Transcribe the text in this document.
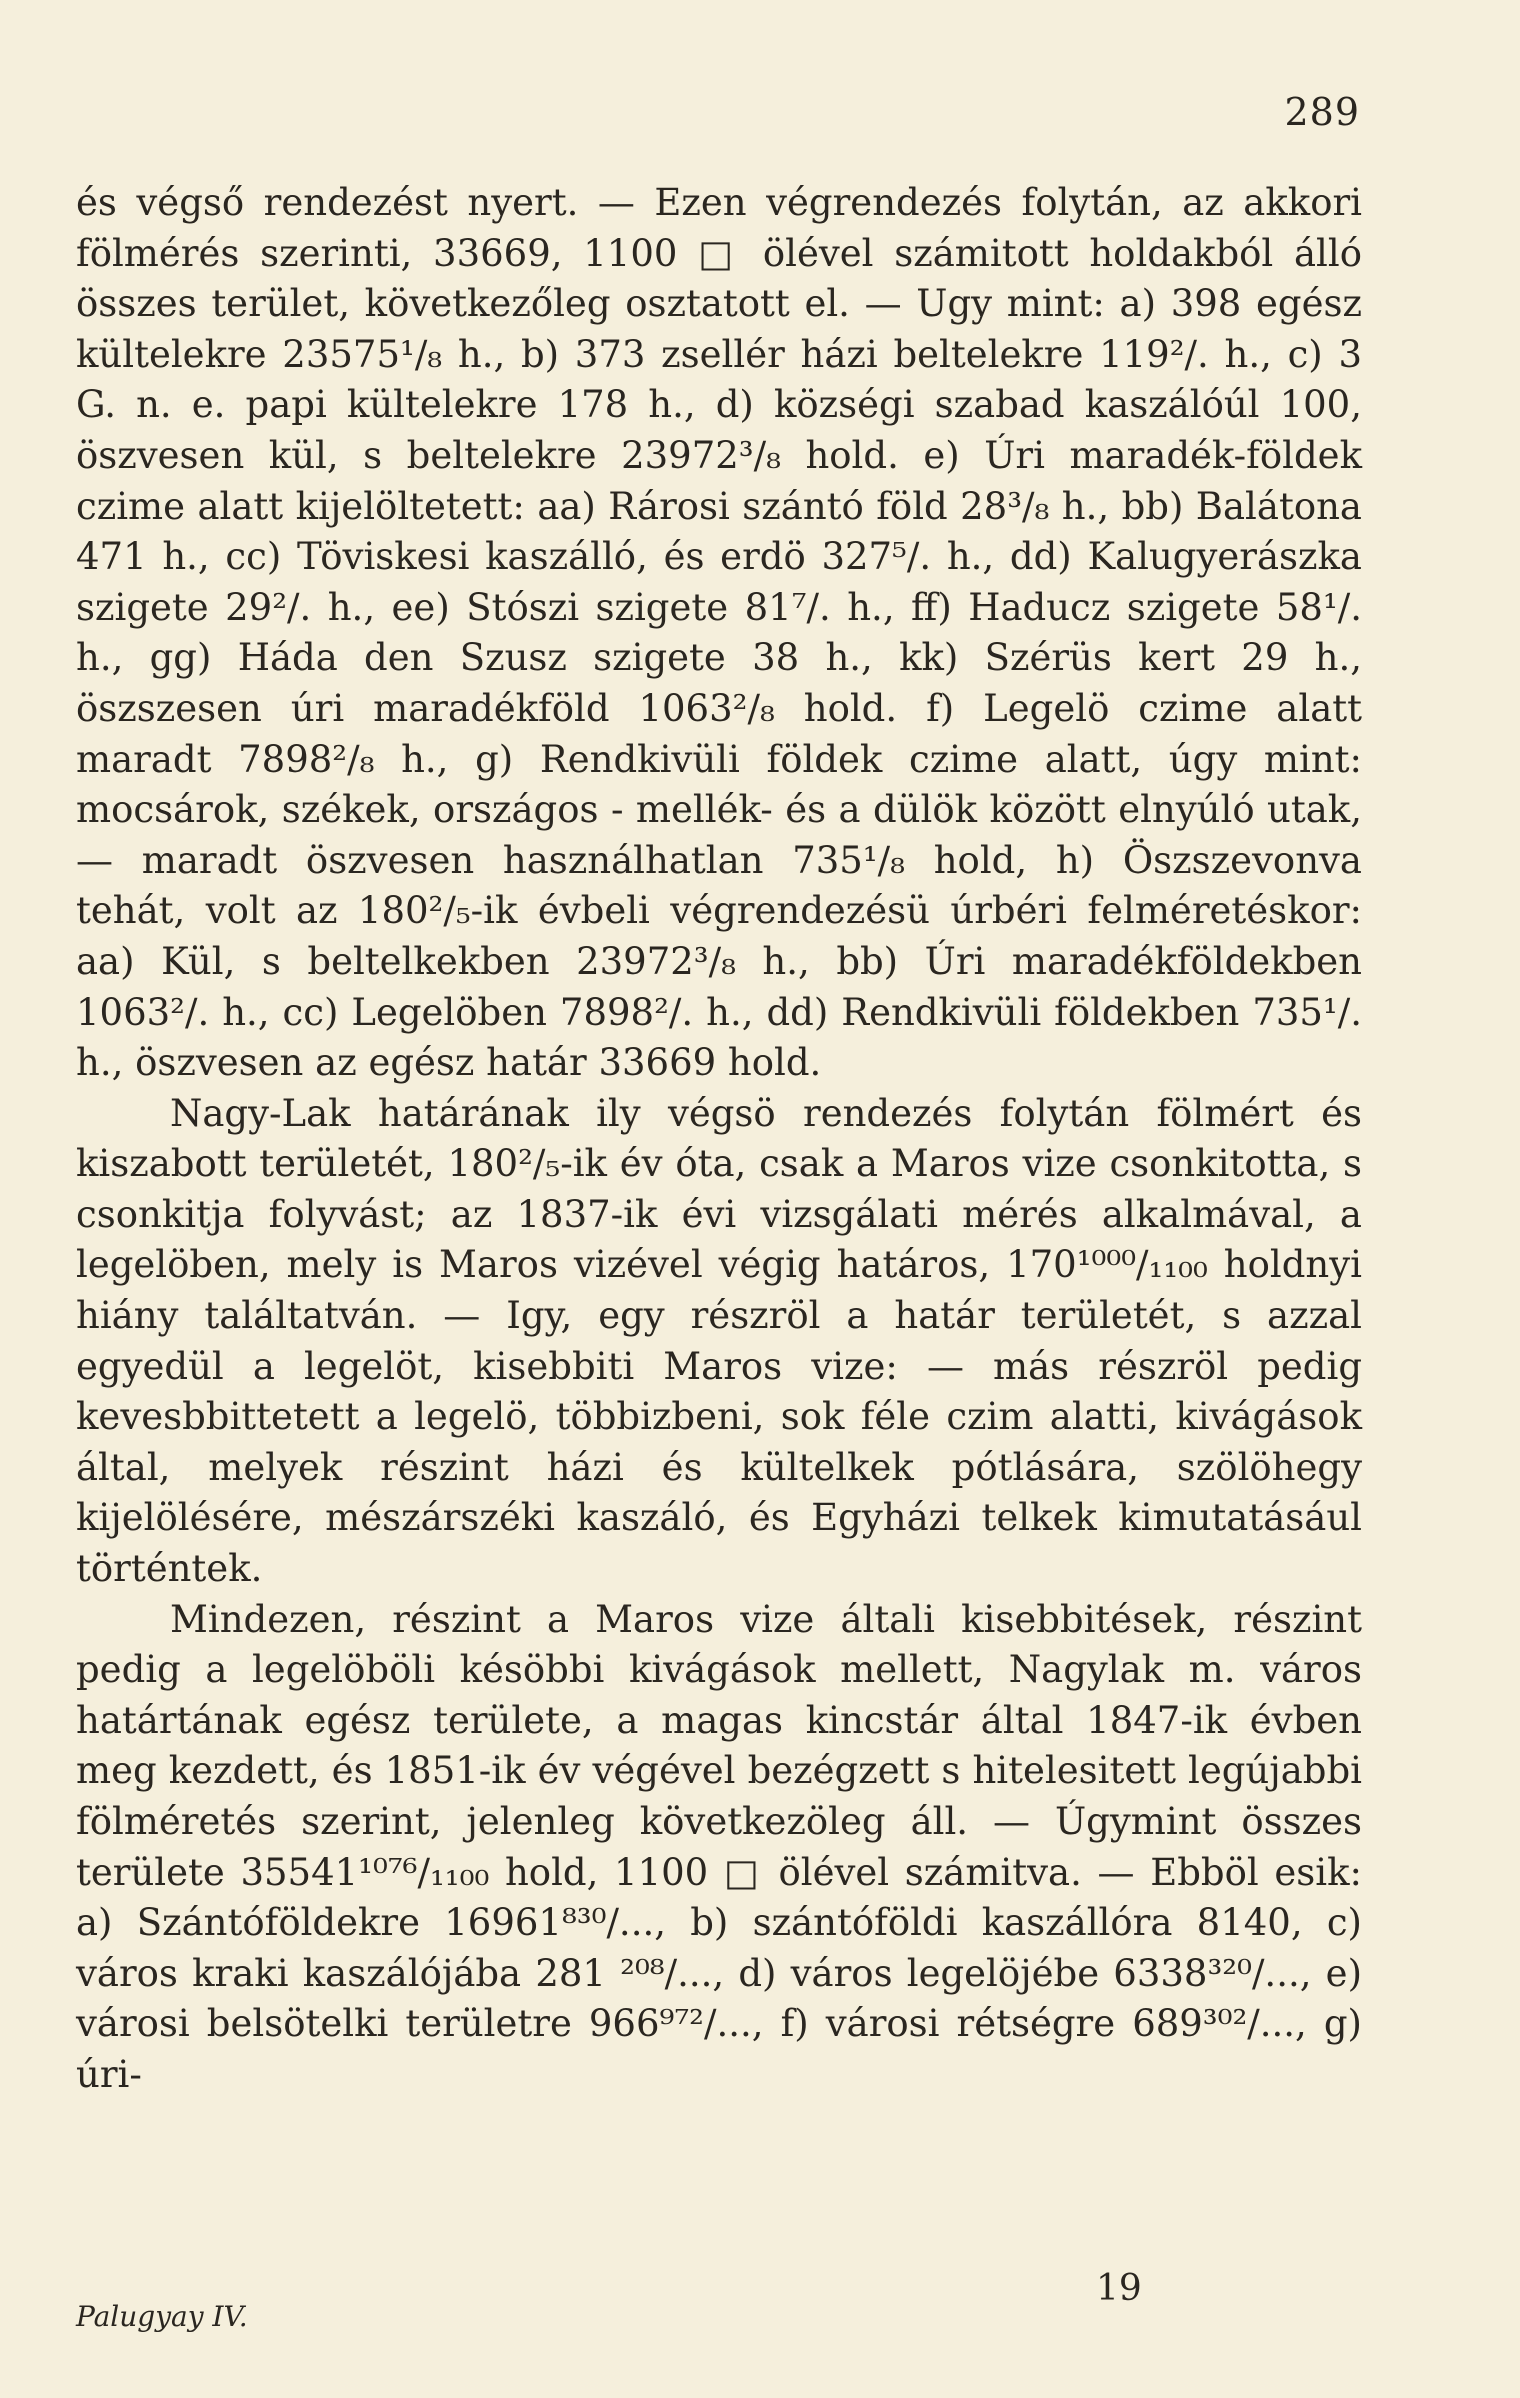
289

és végső rendezést nyert. — Ezen végrendezés folytán, az akkori fölmérés szerinti, 33669, 1100 □ ölével számitott holdakból álló összes terület, következőleg osztatott el. — Ugy mint: a) 398 egész kültelekre 23575¹/₈ h., b) 373 zsellér házi beltelekre 119²/. h., c) 3 G. n. e. papi kültelekre 178 h., d) községi szabad kaszálóúl 100, öszvesen kül, s beltelekre 23972³/₈ hold. e) Úri maradék-földek czime alatt kijelöltetett: aa) Rárosi szántó föld 28³/₈ h., bb) Balátona 471 h., cc) Töviskesi kaszálló, és erdö 327⁵/. h., dd) Kalugyerászka szigete 29²/. h., ee) Stószi szigete 81⁷/. h., ff) Haducz szigete 58¹/. h., gg) Háda den Szusz szigete 38 h., kk) Szérüs kert 29 h., öszszesen úri maradékföld 1063²/₈ hold. f) Legelö czime alatt maradt 7898²/₈ h., g) Rendkivüli földek czime alatt, úgy mint: mocsárok, székek, országos - mellék- és a dülök között elnyúló utak, — maradt öszvesen használhatlan 735¹/₈ hold, h) Öszszevonva tehát, volt az 180²/₅-ik évbeli végrendezésü úrbéri felméretéskor: aa) Kül, s beltelkekben 23972³/₈ h., bb) Úri maradékföldekben 1063²/. h., cc) Legelöben 7898²/. h., dd) Rendkivüli földekben 735¹/. h., öszvesen az egész határ 33669 hold.

Nagy-Lak határának ily végsö rendezés folytán fölmért és kiszabott területét, 180²/₅-ik év óta, csak a Maros vize csonkitotta, s csonkitja folyvást; az 1837-ik évi vizsgálati mérés alkalmával, a legelöben, mely is Maros vizével végig határos, 170¹⁰⁰⁰/₁₁₀₀ holdnyi hiány találtatván. — Igy, egy részröl a határ területét, s azzal egyedül a legelöt, kisebbiti Maros vize: — más részröl pedig kevesbbittetett a legelö, többizbeni, sok féle czim alatti, kivágások által, melyek részint házi és kültelkek pótlására, szölöhegy kijelölésére, mészárszéki kaszáló, és Egyházi telkek kimutatásául történtek.

Mindezen, részint a Maros vize általi kisebbitések, részint pedig a legelöböli késöbbi kivágások mellett, Nagylak m. város határtának egész területe, a magas kincstár által 1847-ik évben meg kezdett, és 1851-ik év végével bezégzett s hitelesitett legújabbi fölméretés szerint, jelenleg következöleg áll. — Úgymint összes területe 35541¹⁰⁷⁶/₁₁₀₀ hold, 1100 □ ölével számitva. — Ebböl esik: a) Szántóföldekre 16961⁸³⁰/..., b) szántóföldi kaszállóra 8140, c) város kraki kaszálójába 281 ²⁰⁸/..., d) város legelöjébe 6338³²⁰/..., e) városi belsötelki területre 966⁹⁷²/..., f) városi rétségre 689³⁰²/..., g) úri-

Palugyay IV.
19
